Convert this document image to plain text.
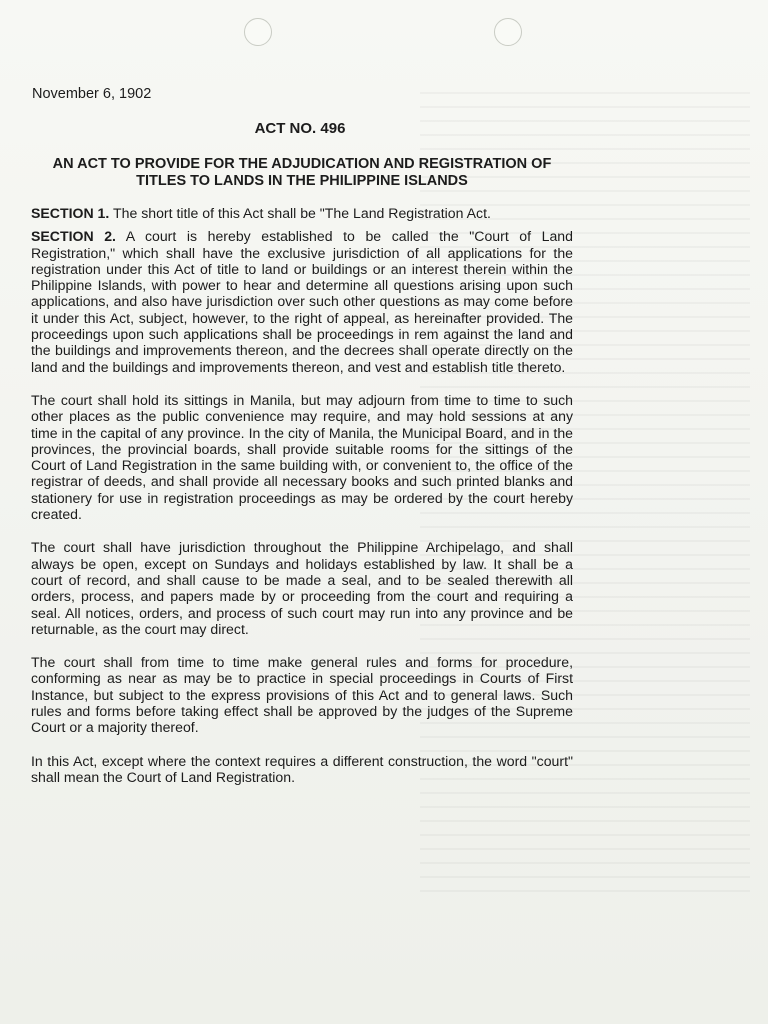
November 6, 1902

ACT NO. 496

AN ACT TO PROVIDE FOR THE ADJUDICATION AND REGISTRATION OF TITLES TO LANDS IN THE PHILIPPINE ISLANDS

SECTION 1. The short title of this Act shall be "The Land Registration Act.

SECTION 2. A court is hereby established to be called the "Court of Land Registration," which shall have the exclusive jurisdiction of all applications for the registration under this Act of title to land or buildings or an interest therein within the Philippine Islands, with power to hear and determine all questions arising upon such applications, and also have jurisdiction over such other questions as may come before it under this Act, subject, however, to the right of appeal, as hereinafter provided. The proceedings upon such applications shall be proceedings in rem against the land and the buildings and improvements thereon, and the decrees shall operate directly on the land and the buildings and improvements thereon, and vest and establish title thereto.

The court shall hold its sittings in Manila, but may adjourn from time to time to such other places as the public convenience may require, and may hold sessions at any time in the capital of any province. In the city of Manila, the Municipal Board, and in the provinces, the provincial boards, shall provide suitable rooms for the sittings of the Court of Land Registration in the same building with, or convenient to, the office of the registrar of deeds, and shall provide all necessary books and such printed blanks and stationery for use in registration proceedings as may be ordered by the court hereby created.

The court shall have jurisdiction throughout the Philippine Archipelago, and shall always be open, except on Sundays and holidays established by law. It shall be a court of record, and shall cause to be made a seal, and to be sealed therewith all orders, process, and papers made by or proceeding from the court and requiring a seal. All notices, orders, and process of such court may run into any province and be returnable, as the court may direct.

The court shall from time to time make general rules and forms for procedure, conforming as near as may be to practice in special proceedings in Courts of First Instance, but subject to the express provisions of this Act and to general laws. Such rules and forms before taking effect shall be approved by the judges of the Supreme Court or a majority thereof.

In this Act, except where the context requires a different construction, the word "court" shall mean the Court of Land Registration.
